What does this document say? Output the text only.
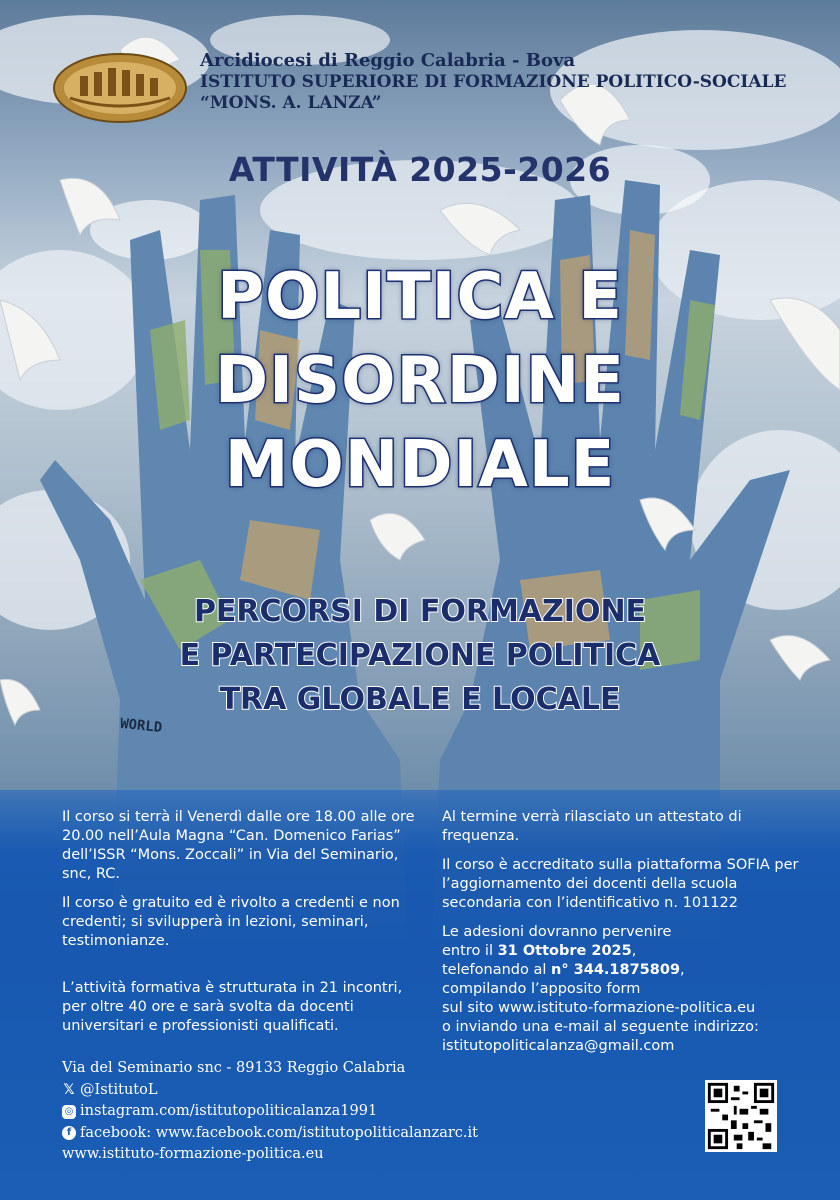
Arcidiocesi di Reggio Calabria - Bova
ISTITUTO SUPERIORE DI FORMAZIONE POLITICO-SOCIALE
“MONS. A. LANZA”
ATTIVITÀ 2025-2026
POLITICA E
DISORDINE
MONDIALE
PERCORSI DI FORMAZIONE
E PARTECIPAZIONE POLITICA
TRA GLOBALE E LOCALE
WORLD

Il corso si terrà il Venerdì dalle ore 18.00 alle ore 20.00 nell’Aula Magna “Can. Domenico Farias” dell’ISSR “Mons. Zoccali” in Via del Seminario, snc, RC.

Il corso è gratuito ed è rivolto a credenti e non credenti; si svilupperà in lezioni, seminari, testimonianze.

L’attività formativa è strutturata in 21 incontri, per oltre 40 ore e sarà svolta da docenti universitari e professionisti qualificati.

Al termine verrà rilasciato un attestato di frequenza.

Il corso è accreditato sulla piattaforma SOFIA per l’aggiornamento dei docenti della scuola secondaria con l’identificativo n. 101122

Le adesioni dovranno pervenire
entro il 31 Ottobre 2025,
telefonando al n° 344.1875809,
compilando l’apposito form
sul sito www.istituto-formazione-politica.eu
o inviando una e-mail al seguente indirizzo:
istitutopoliticalanza@gmail.com

Via del Seminario snc - 89133 Reggio Calabria
𝕏 @IstitutoL
◎ instagram.com/istitutopoliticalanza1991
f facebook: www.facebook.com/istitutopoliticalanzarc.it
www.istituto-formazione-politica.eu
